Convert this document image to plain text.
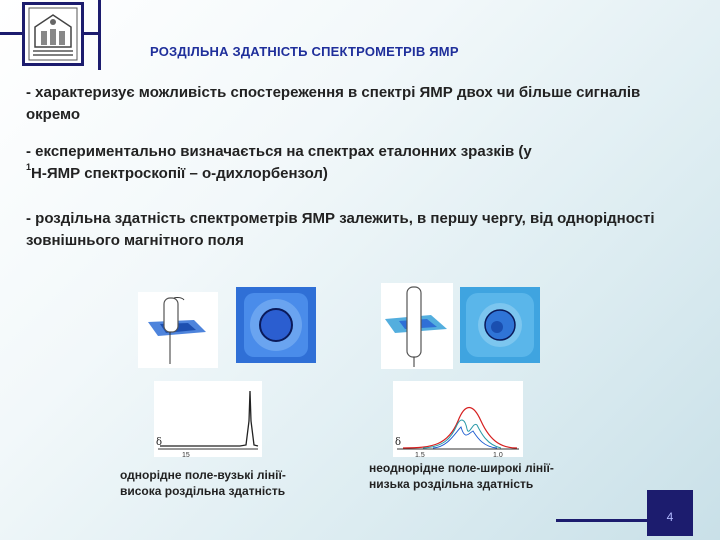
РОЗДІЛЬНА ЗДАТНІСТЬ СПЕКТРОМЕТРІВ ЯМР
- характеризує можливість спостереження в спектрі ЯМР двох чи більше сигналів окремо
- експериментально визначається на спектрах еталонних зразків (у
$^1$Н-ЯМР спектроскопії – о-дихлорбензол)
- роздільна здатність спектрометрів ЯМР залежить, в першу чергу, від однорідності зовнішнього магнітного поля
δ
15
δ
1.5	1.0
однорідне поле-вузькі лінії-висока роздільна здатність
неоднорідне поле-широкі лінії-низька роздільна здатність
4
